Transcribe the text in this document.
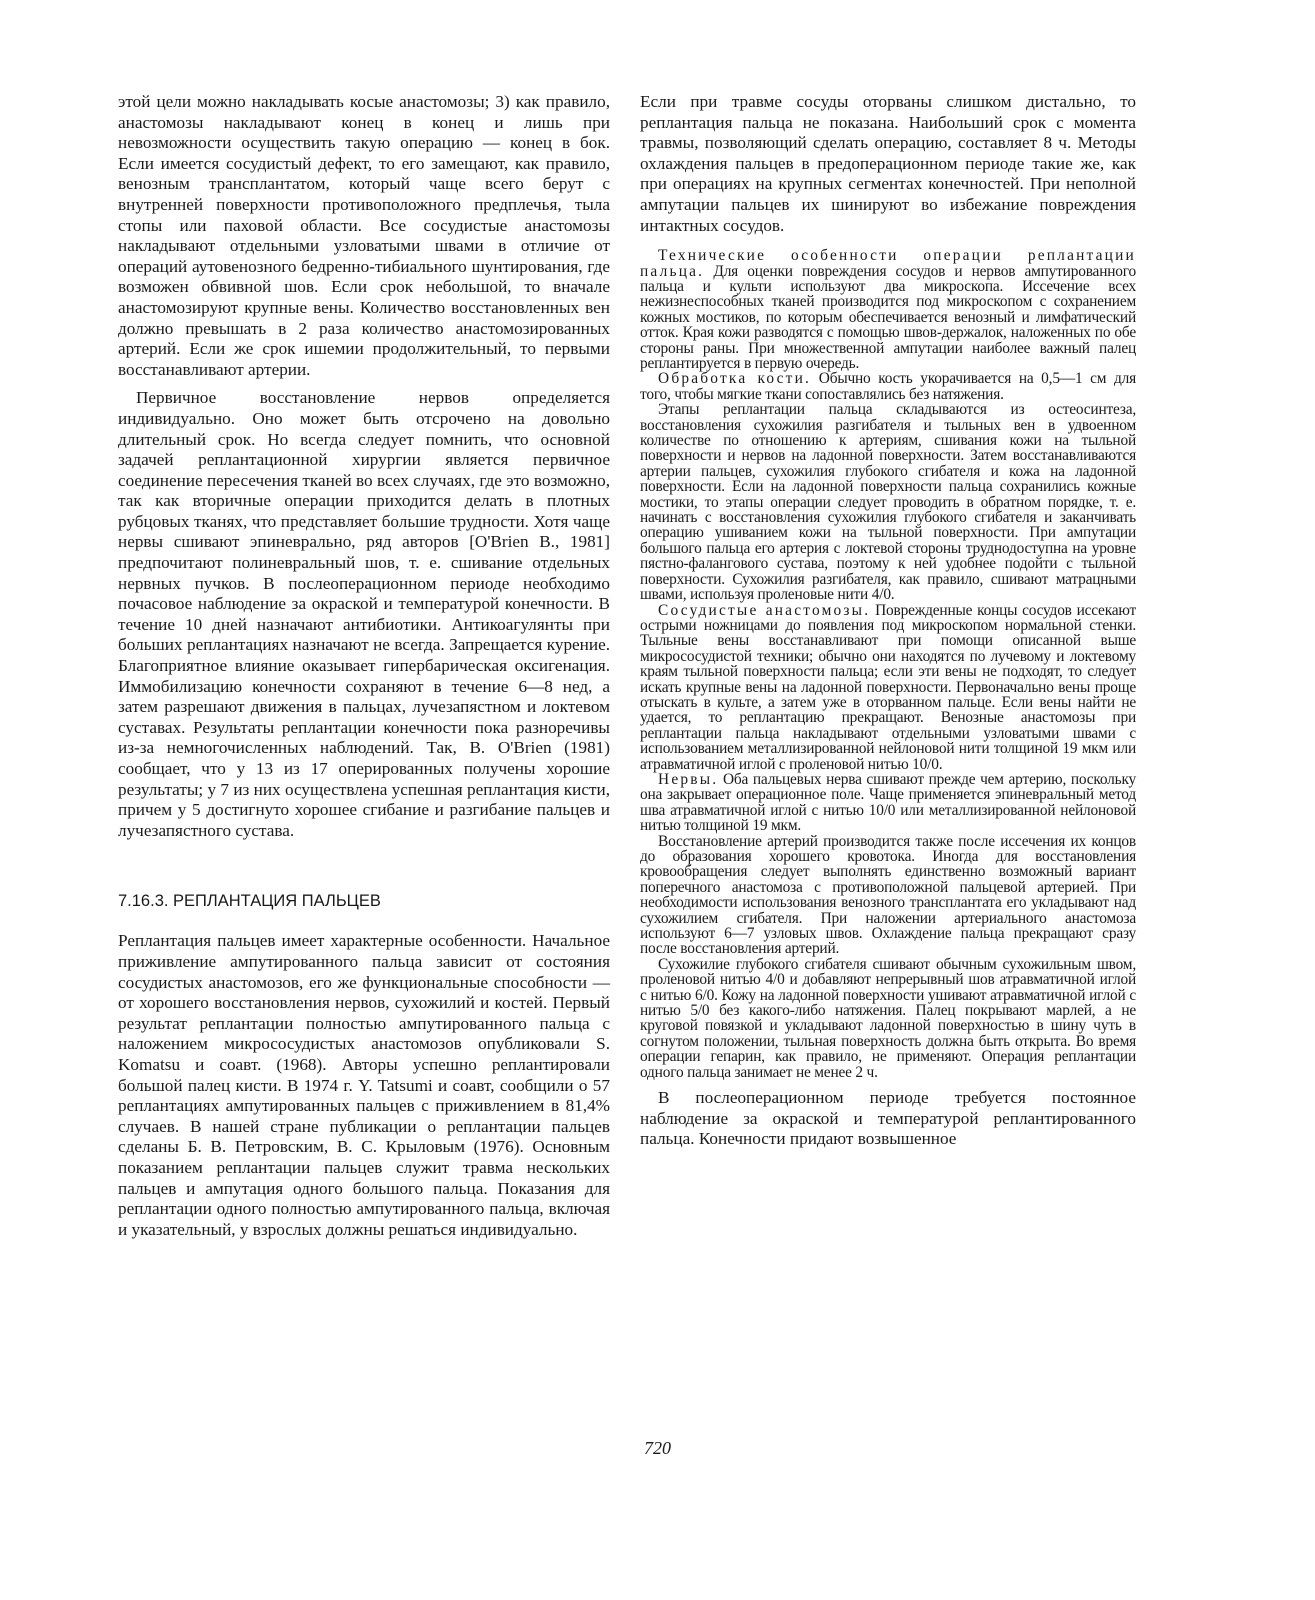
этой цели можно накладывать косые анастомозы; 3) как правило, анастомозы накладывают конец в конец и лишь при невозможности осуществить такую операцию — конец в бок. Если имеется сосудистый дефект, то его замещают, как правило, венозным трансплантатом, который чаще всего берут с внутренней поверхности противоположного предплечья, тыла стопы или паховой области. Все сосудистые анастомозы накладывают отдельными узловатыми швами в отличие от операций аутовенозного бедренно-тибиального шунтирования, где возможен обвивной шов. Если срок небольшой, то вначале анастомозируют крупные вены. Количество восстановленных вен должно превышать в 2 раза количество анастомозированных артерий. Если же срок ишемии продолжительный, то первыми восстанавливают артерии.

Первичное восстановление нервов определяется индивидуально. Оно может быть отсрочено на довольно длительный срок. Но всегда следует помнить, что основной задачей реплантационной хирургии является первичное соединение пересечения тканей во всех случаях, где это возможно, так как вторичные операции приходится делать в плотных рубцовых тканях, что представляет большие трудности. Хотя чаще нервы сшивают эпиневрально, ряд авторов [O'Brien В., 1981] предпочитают полиневральный шов, т. е. сшивание отдельных нервных пучков. В послеоперационном периоде необходимо почасовое наблюдение за окраской и температурой конечности. В течение 10 дней назначают антибиотики. Антикоагулянты при больших реплантациях назначают не всегда. Запрещается курение. Благоприятное влияние оказывает гипербарическая оксигенация. Иммобилизацию конечности сохраняют в течение 6—8 нед, а затем разрешают движения в пальцах, лучезапястном и локтевом суставах. Результаты реплантации конечности пока разноречивы из-за немногочисленных наблюдений. Так, В. O'Brien (1981) сообщает, что у 13 из 17 оперированных получены хорошие результаты; у 7 из них осуществлена успешная реплантация кисти, причем у 5 достигнуто хорошее сгибание и разгибание пальцев и лучезапястного сустава.

7.16.3. РЕПЛАНТАЦИЯ ПАЛЬЦЕВ

Реплантация пальцев имеет характерные особенности. Начальное приживление ампутированного пальца зависит от состояния сосудистых анастомозов, его же функциональные способности — от хорошего восстановления нервов, сухожилий и костей. Первый результат реплантации полностью ампутированного пальца с наложением микрососудистых анастомозов опубликовали S. Komatsu и соавт. (1968). Авторы успешно реплантировали большой палец кисти. В 1974 г. Y. Tatsumi и соавт, сообщили о 57 реплантациях ампутированных пальцев с приживлением в 81,4% случаев. В нашей стране публикации о реплантации пальцев сделаны Б. В. Петровским, В. С. Крыловым (1976). Основным показанием реплантации пальцев служит травма нескольких пальцев и ампутация одного большого пальца. Показания для реплантации одного полностью ампутированного пальца, включая и указательный, у взрослых должны решаться индивидуально.

Если при травме сосуды оторваны слишком дистально, то реплантация пальца не показана. Наибольший срок с момента травмы, позволяющий сделать операцию, составляет 8 ч. Методы охлаждения пальцев в предоперационном периоде такие же, как при операциях на крупных сегментах конечностей. При неполной ампутации пальцев их шинируют во избежание повреждения интактных сосудов.

Технические особенности операции реплантации пальца. Для оценки повреждения сосудов и нервов ампутированного пальца и культи используют два микроскопа. Иссечение всех нежизнеспособных тканей производится под микроскопом с сохранением кожных мостиков, по которым обеспечивается венозный и лимфатический отток. Края кожи разводятся с помощью швов-держалок, наложенных по обе стороны раны. При множественной ампутации наиболее важный палец реплантируется в первую очередь.

Обработка кости. Обычно кость укорачивается на 0,5—1 см для того, чтобы мягкие ткани сопоставлялись без натяжения.

Этапы реплантации пальца складываются из остеосинтеза, восстановления сухожилия разгибателя и тыльных вен в удвоенном количестве по отношению к артериям, сшивания кожи на тыльной поверхности и нервов на ладонной поверхности. Затем восстанавливаются артерии пальцев, сухожилия глубокого сгибателя и кожа на ладонной поверхности. Если на ладонной поверхности пальца сохранились кожные мостики, то этапы операции следует проводить в обратном порядке, т. е. начинать с восстановления сухожилия глубокого сгибателя и заканчивать операцию ушиванием кожи на тыльной поверхности. При ампутации большого пальца его артерия с локтевой стороны труднодоступна на уровне пястно-фалангового сустава, поэтому к ней удобнее подойти с тыльной поверхности. Сухожилия разгибателя, как правило, сшивают матрацными швами, используя проленовые нити 4/0.

Сосудистые анастомозы. Поврежденные концы сосудов иссекают острыми ножницами до появления под микроскопом нормальной стенки. Тыльные вены восстанавливают при помощи описанной выше микрососудистой техники; обычно они находятся по лучевому и локтевому краям тыльной поверхности пальца; если эти вены не подходят, то следует искать крупные вены на ладонной поверхности. Первоначально вены проще отыскать в культе, а затем уже в оторванном пальце. Если вены найти не удается, то реплантацию прекращают. Венозные анастомозы при реплантации пальца накладывают отдельными узловатыми швами с использованием металлизированной нейлоновой нити толщиной 19 мкм или атравматичной иглой с проленовой нитью 10/0.

Нервы. Оба пальцевых нерва сшивают прежде чем артерию, поскольку она закрывает операционное поле. Чаще применяется эпиневральный метод шва атравматичной иглой с нитью 10/0 или металлизированной нейлоновой нитью толщиной 19 мкм.

Восстановление артерий производится также после иссечения их концов до образования хорошего кровотока. Иногда для восстановления кровообращения следует выполнять единственно возможный вариант поперечного анастомоза с противоположной пальцевой артерией. При необходимости использования венозного трансплантата его укладывают над сухожилием сгибателя. При наложении артериального анастомоза используют 6—7 узловых швов. Охлаждение пальца прекращают сразу после восстановления артерий.

Сухожилие глубокого сгибателя сшивают обычным сухожильным швом, проленовой нитью 4/0 и добавляют непрерывный шов атравматичной иглой с нитью 6/0. Кожу на ладонной поверхности ушивают атравматичной иглой с нитью 5/0 без какого-либо натяжения. Палец покрывают марлей, а не круговой повязкой и укладывают ладонной поверхностью в шину чуть в согнутом положении, тыльная поверхность должна быть открыта. Во время операции гепарин, как правило, не применяют. Операция реплантации одного пальца занимает не менее 2 ч.

В послеоперационном периоде требуется постоянное наблюдение за окраской и температурой реплантированного пальца. Конечности придают возвышенное

720
